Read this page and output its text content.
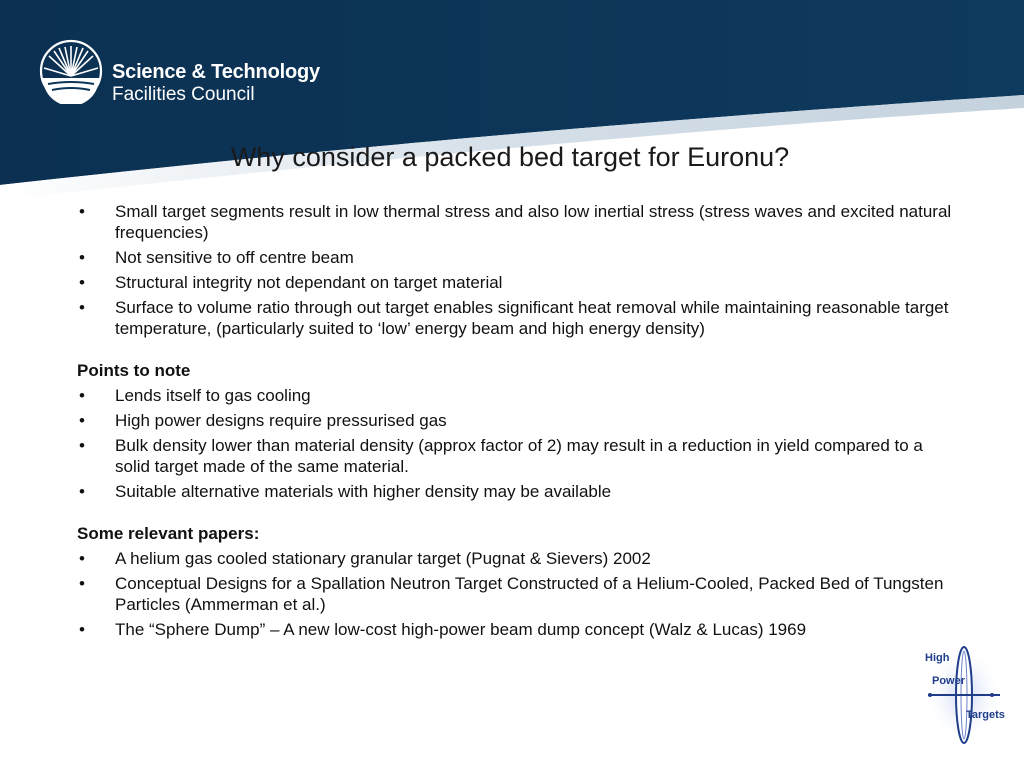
Science & Technology
Facilities Council
Why consider a packed bed target for Euronu?
• Small target segments result in low thermal stress and also low inertial stress (stress waves and excited natural frequencies)
• Not sensitive to off centre beam
• Structural integrity not dependant on target material
• Surface to volume ratio through out target enables significant heat removal while maintaining reasonable target temperature, (particularly suited to ‘low’ energy beam and high energy density)
Points to note
• Lends itself to gas cooling
• High power designs require pressurised gas
• Bulk density lower than material density (approx factor of 2) may result in a reduction in yield compared to a solid target made of the same material.
• Suitable alternative materials with higher density may be available
Some relevant papers:
• A helium gas cooled stationary granular target (Pugnat & Sievers) 2002
• Conceptual Designs for a Spallation Neutron Target Constructed of a Helium-Cooled, Packed Bed of Tungsten Particles (Ammerman et al.)
• The “Sphere Dump” – A new low-cost high-power beam dump concept (Walz & Lucas) 1969
High
Power
Targets
